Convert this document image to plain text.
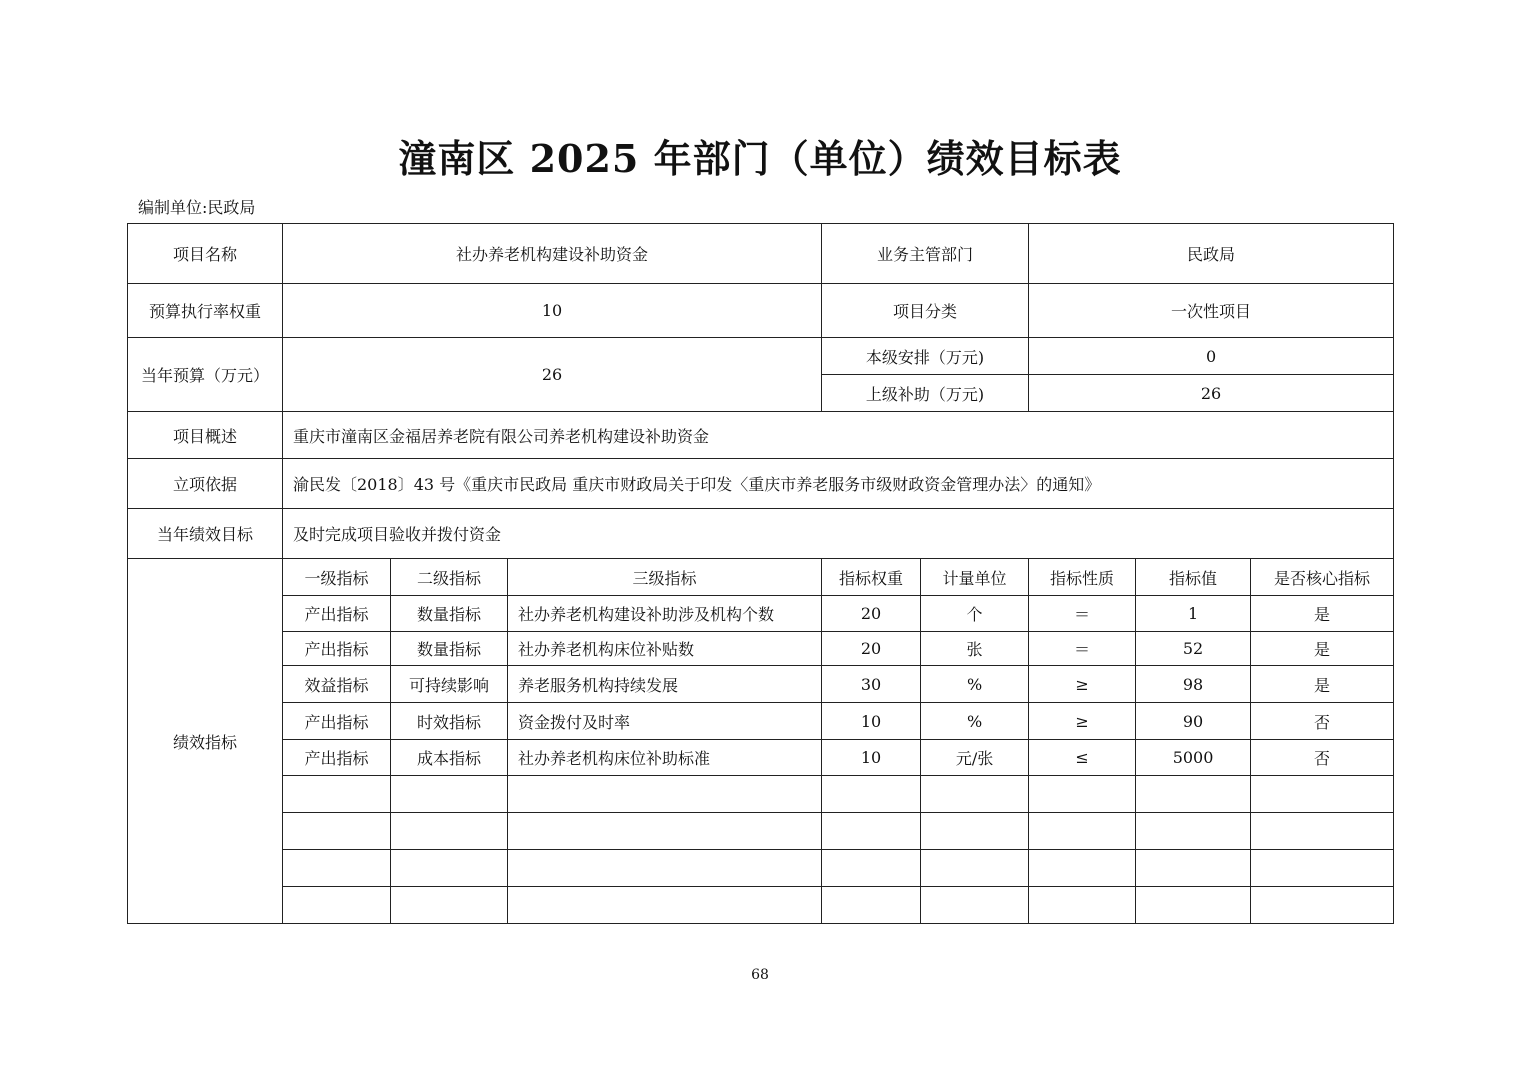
潼南区 2025 年部门（单位）绩效目标表
编制单位:民政局
项目名称	社办养老机构建设补助资金			业务主管部门		民政局		
预算执行率权重	10			项目分类		一次性项目		
当年预算（万元）	26			本级安排（万元)		0		
				上级补助（万元)		26		
项目概述	重庆市潼南区金福居养老院有限公司养老机构建设补助资金							
立项依据	渝民发〔2018〕43 号《重庆市民政局 重庆市财政局关于印发〈重庆市养老服务市级财政资金管理办法〉的通知》							
当年绩效目标	及时完成项目验收并拨付资金							
绩效指标	一级指标	二级指标	三级指标	指标权重	计量单位	指标性质	指标值	是否核心指标
	产出指标	数量指标	社办养老机构建设补助涉及机构个数	20	个	＝	1	是
	产出指标	数量指标	社办养老机构床位补贴数	20	张	＝	52	是
	效益指标	可持续影响	养老服务机构持续发展	30	%	≥	98	是
	产出指标	时效指标	资金拨付及时率	10	%	≥	90	否
	产出指标	成本指标	社办养老机构床位补助标准	10	元/张	≤	5000	否

68
